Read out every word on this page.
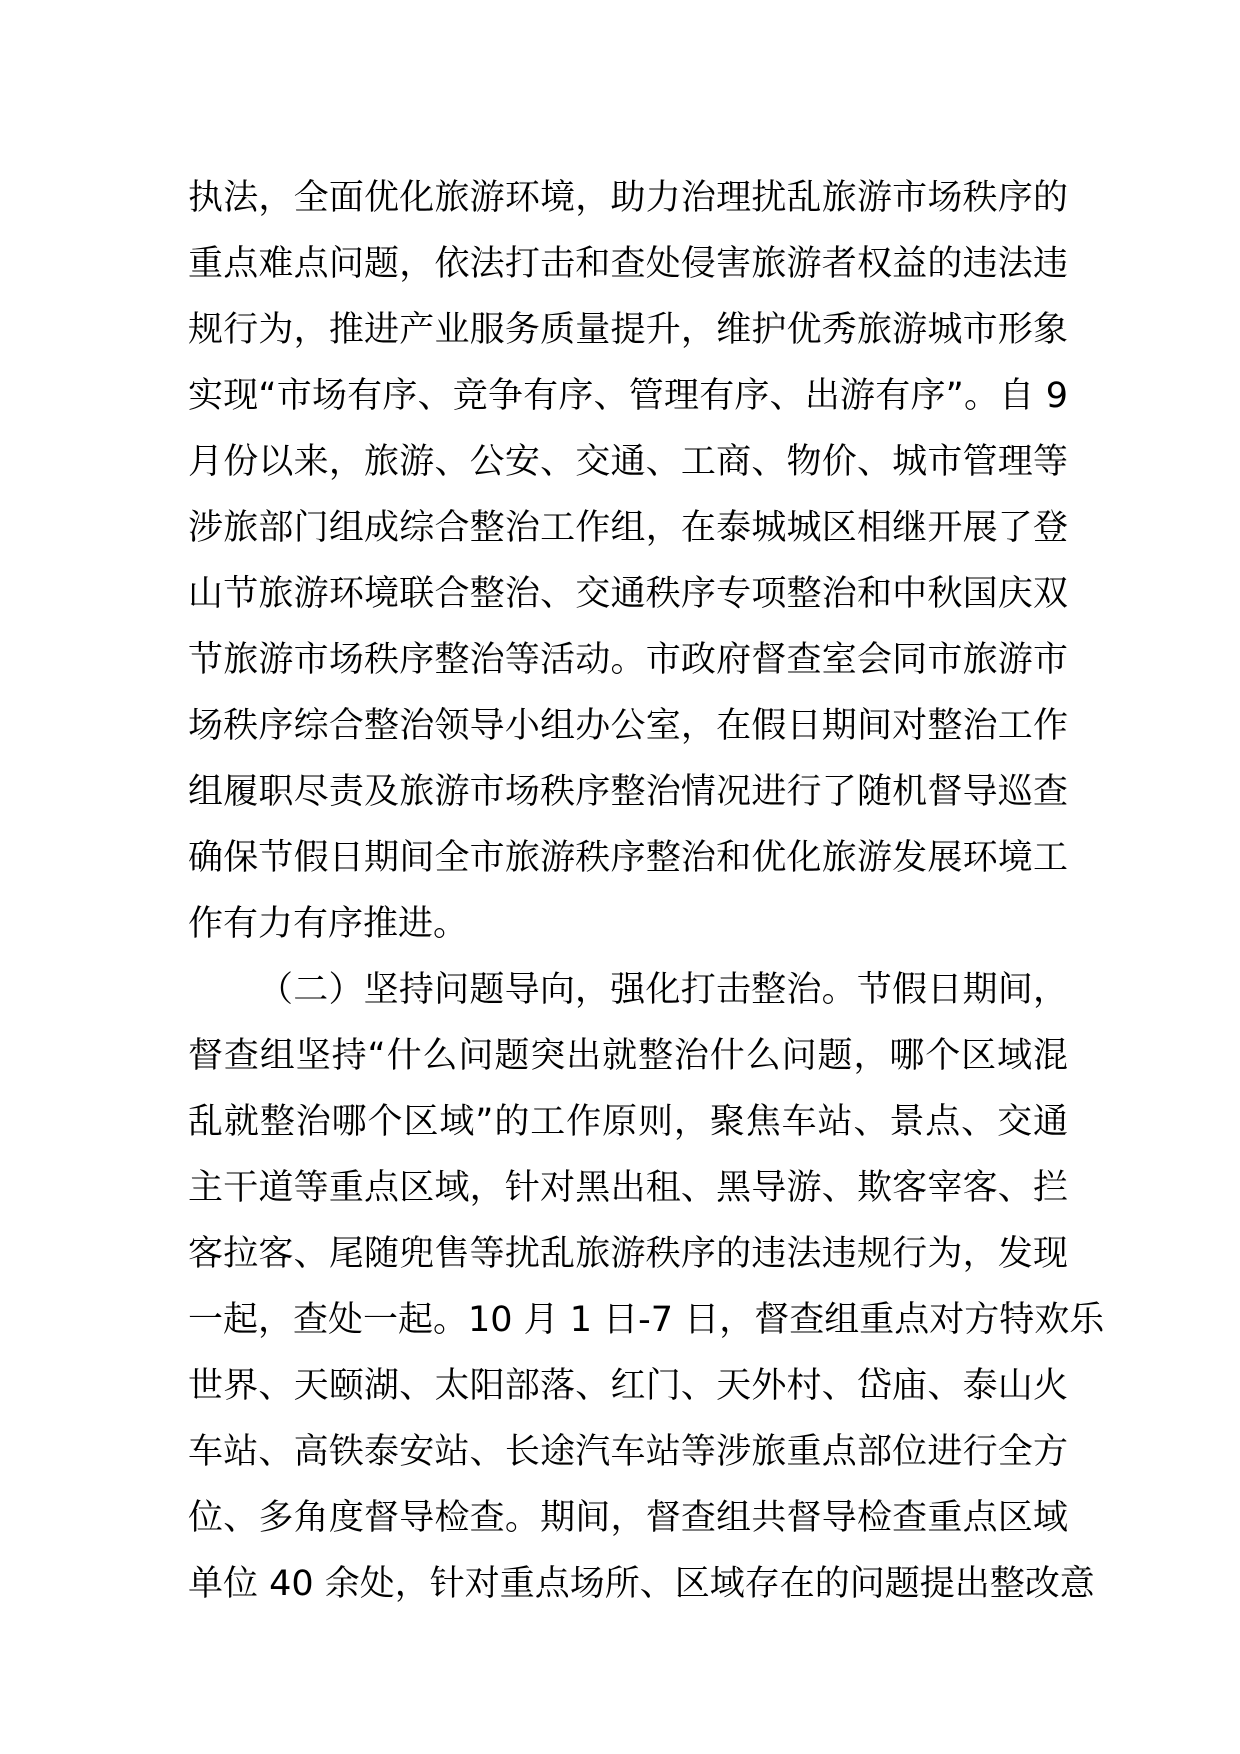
执法，全面优化旅游环境，助力治理扰乱旅游市场秩序的
重点难点问题，依法打击和查处侵害旅游者权益的违法违
规行为，推进产业服务质量提升，维护优秀旅游城市形象
实现“市场有序、竞争有序、管理有序、出游有序”。自 9
月份以来，旅游、公安、交通、工商、物价、城市管理等
涉旅部门组成综合整治工作组，在泰城城区相继开展了登
山节旅游环境联合整治、交通秩序专项整治和中秋国庆双
节旅游市场秩序整治等活动。市政府督查室会同市旅游市
场秩序综合整治领导小组办公室，在假日期间对整治工作
组履职尽责及旅游市场秩序整治情况进行了随机督导巡查
确保节假日期间全市旅游秩序整治和优化旅游发展环境工
作有力有序推进。
（二）坚持问题导向，强化打击整治。节假日期间，
督查组坚持“什么问题突出就整治什么问题，哪个区域混
乱就整治哪个区域”的工作原则，聚焦车站、景点、交通
主干道等重点区域，针对黑出租、黑导游、欺客宰客、拦
客拉客、尾随兜售等扰乱旅游秩序的违法违规行为，发现
一起，查处一起。10 月 1 日-7 日，督查组重点对方特欢乐
世界、天颐湖、太阳部落、红门、天外村、岱庙、泰山火
车站、高铁泰安站、长途汽车站等涉旅重点部位进行全方
位、多角度督导检查。期间，督查组共督导检查重点区域
单位 40 余处，针对重点场所、区域存在的问题提出整改意
